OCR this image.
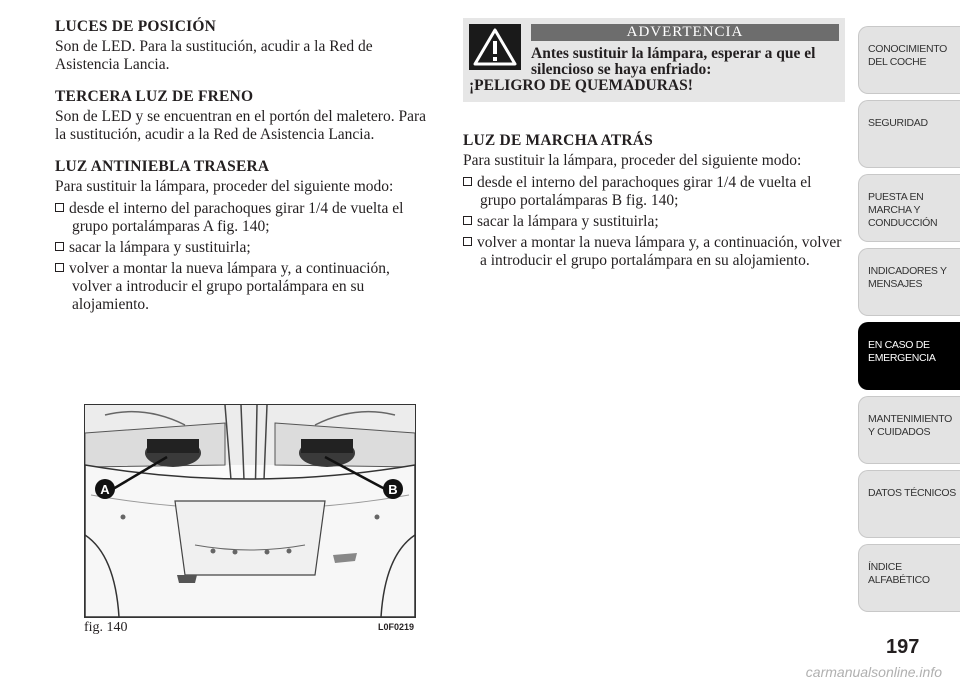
LUCES DE POSICIÓN

Son de LED. Para la sustitución, acudir a la Red de Asistencia Lancia.

TERCERA LUZ DE FRENO

Son de LED y se encuentran en el portón del maletero. Para la sustitución, acudir a la Red de Asistencia Lancia.

LUZ ANTINIEBLA TRASERA

Para sustituir la lámpara, proceder del siguiente modo:

desde el interno del parachoques girar 1/4 de vuelta el grupo portalámparas A fig. 140;
sacar la lámpara y sustituirla;
volver a montar la nueva lámpara y, a continuación, volver a introducir el grupo portalámpara en su alojamiento.
ADVERTENCIA
Antes sustituir la lámpara, esperar a que el silencioso se haya enfriado:
¡PELIGRO DE QUEMADURAS!
LUZ DE MARCHA ATRÁS

Para sustituir la lámpara, proceder del siguiente modo:

desde el interno del parachoques girar 1/4 de vuelta el grupo portalámparas B fig. 140;
sacar la lámpara y sustituirla;
volver a montar la nueva lámpara y, a continuación, volver a introducir el grupo portalámpara en su alojamiento.
A	B
fig. 140	L0F0219
CONOCIMIENTO DEL COCHE
SEGURIDAD
PUESTA EN MARCHA Y CONDUCCIÓN
INDICADORES Y MENSAJES
EN CASO DE EMERGENCIA
MANTENIMIENTO Y CUIDADOS
DATOS TÉCNICOS
ÍNDICE ALFABÉTICO
197
carmanualsonline.info
